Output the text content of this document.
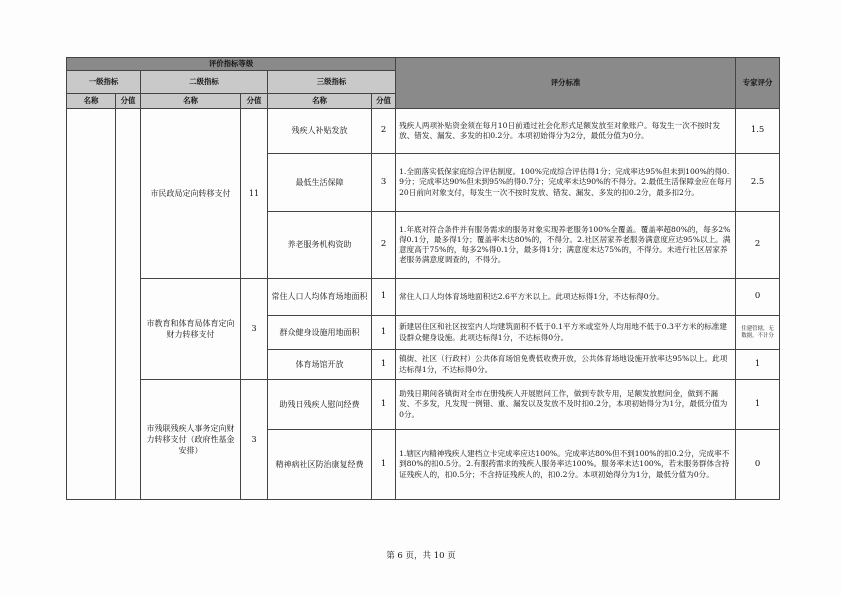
评价指标等级						评分标准	专家评分
一级指标		二级指标		三级指标			
名称	分值	名称	分值	名称	分值		
		市民政局定向转移支付	11	残疾人补贴发放	2	残疾人两项补贴资金须在每月10日前通过社会化形式足额发放至对象账户。每发生一次不按时发放、错发、漏发、多发的扣0.2分。本项初始得分为2分，最低分值为0分。	1.5
				最低生活保障	3	1.全面落实低保家庭综合评估制度。100%完成综合评估得1分；完成率达95%但未到100%的得0.9分；完成率达90%但未到95%的得0.7分；完成率未达90%的不得分。2.最低生活保障金应在每月20日前向对象支付，每发生一次不按时发放、错发、漏发、多发的扣0.2分，最多扣2分。	2.5
				养老服务机构资助	2	1.年底对符合条件并有服务需求的服务对象实现养老服务100%全覆盖。覆盖率超80%的，每多2%得0.1分，最多得1分；覆盖率未达80%的，不得分。2.社区居家养老服务满意度应达95%以上。满意度高于75%的，每多2%得0.1分，最多得1分；满意度未达75%的，不得分。未进行社区居家养老服务满意度调查的，不得分。	2
		市教育和体育局体育定向财力转移支付	3	常住人口人均体育场地面积	1	常住人口人均体育场地面积达2.6平方米以上。此项达标得1分，不达标得0分。	0
				群众健身设施用地面积	1	新建居住区和社区按室内人均建筑面积不低于0.1平方米或室外人均用地不低于0.3平方米的标准建设群众健身设施。此项达标得1分，不达标得0分。	住建管辖，无数据，不计分
				体育场馆开放	1	镇街、社区（行政村）公共体育场馆免费低收费开放，公共体育场地设施开放率达95%以上。此项达标得1分，不达标得0分。	1
		市残联残疾人事务定向财力转移支付（政府性基金安排）	3	助残日残疾人慰问经费	1	助残日期间各镇街对全市在册残疾人开展慰问工作，做到专款专用，足额发放慰问金，做到不漏发、不多发，凡发现一例错、重、漏发以及发放不及时扣0.2分，本项初始得分为1分，最低分值为0分。	1
				精神病社区防治康复经费	1	1.辖区内精神残疾人建档立卡完成率应达100%。完成率达80%但不到100%的扣0.2分，完成率不到80%的扣0.5分。2.有服药需求的残疾人服务率达100%。服务率未达100%，若未服务群体含持证残疾人的，扣0.5分；不含持证残疾人的，扣0.2分。本项初始得分为1分，最低分值为0分。	0
第 6 页，共 10 页
